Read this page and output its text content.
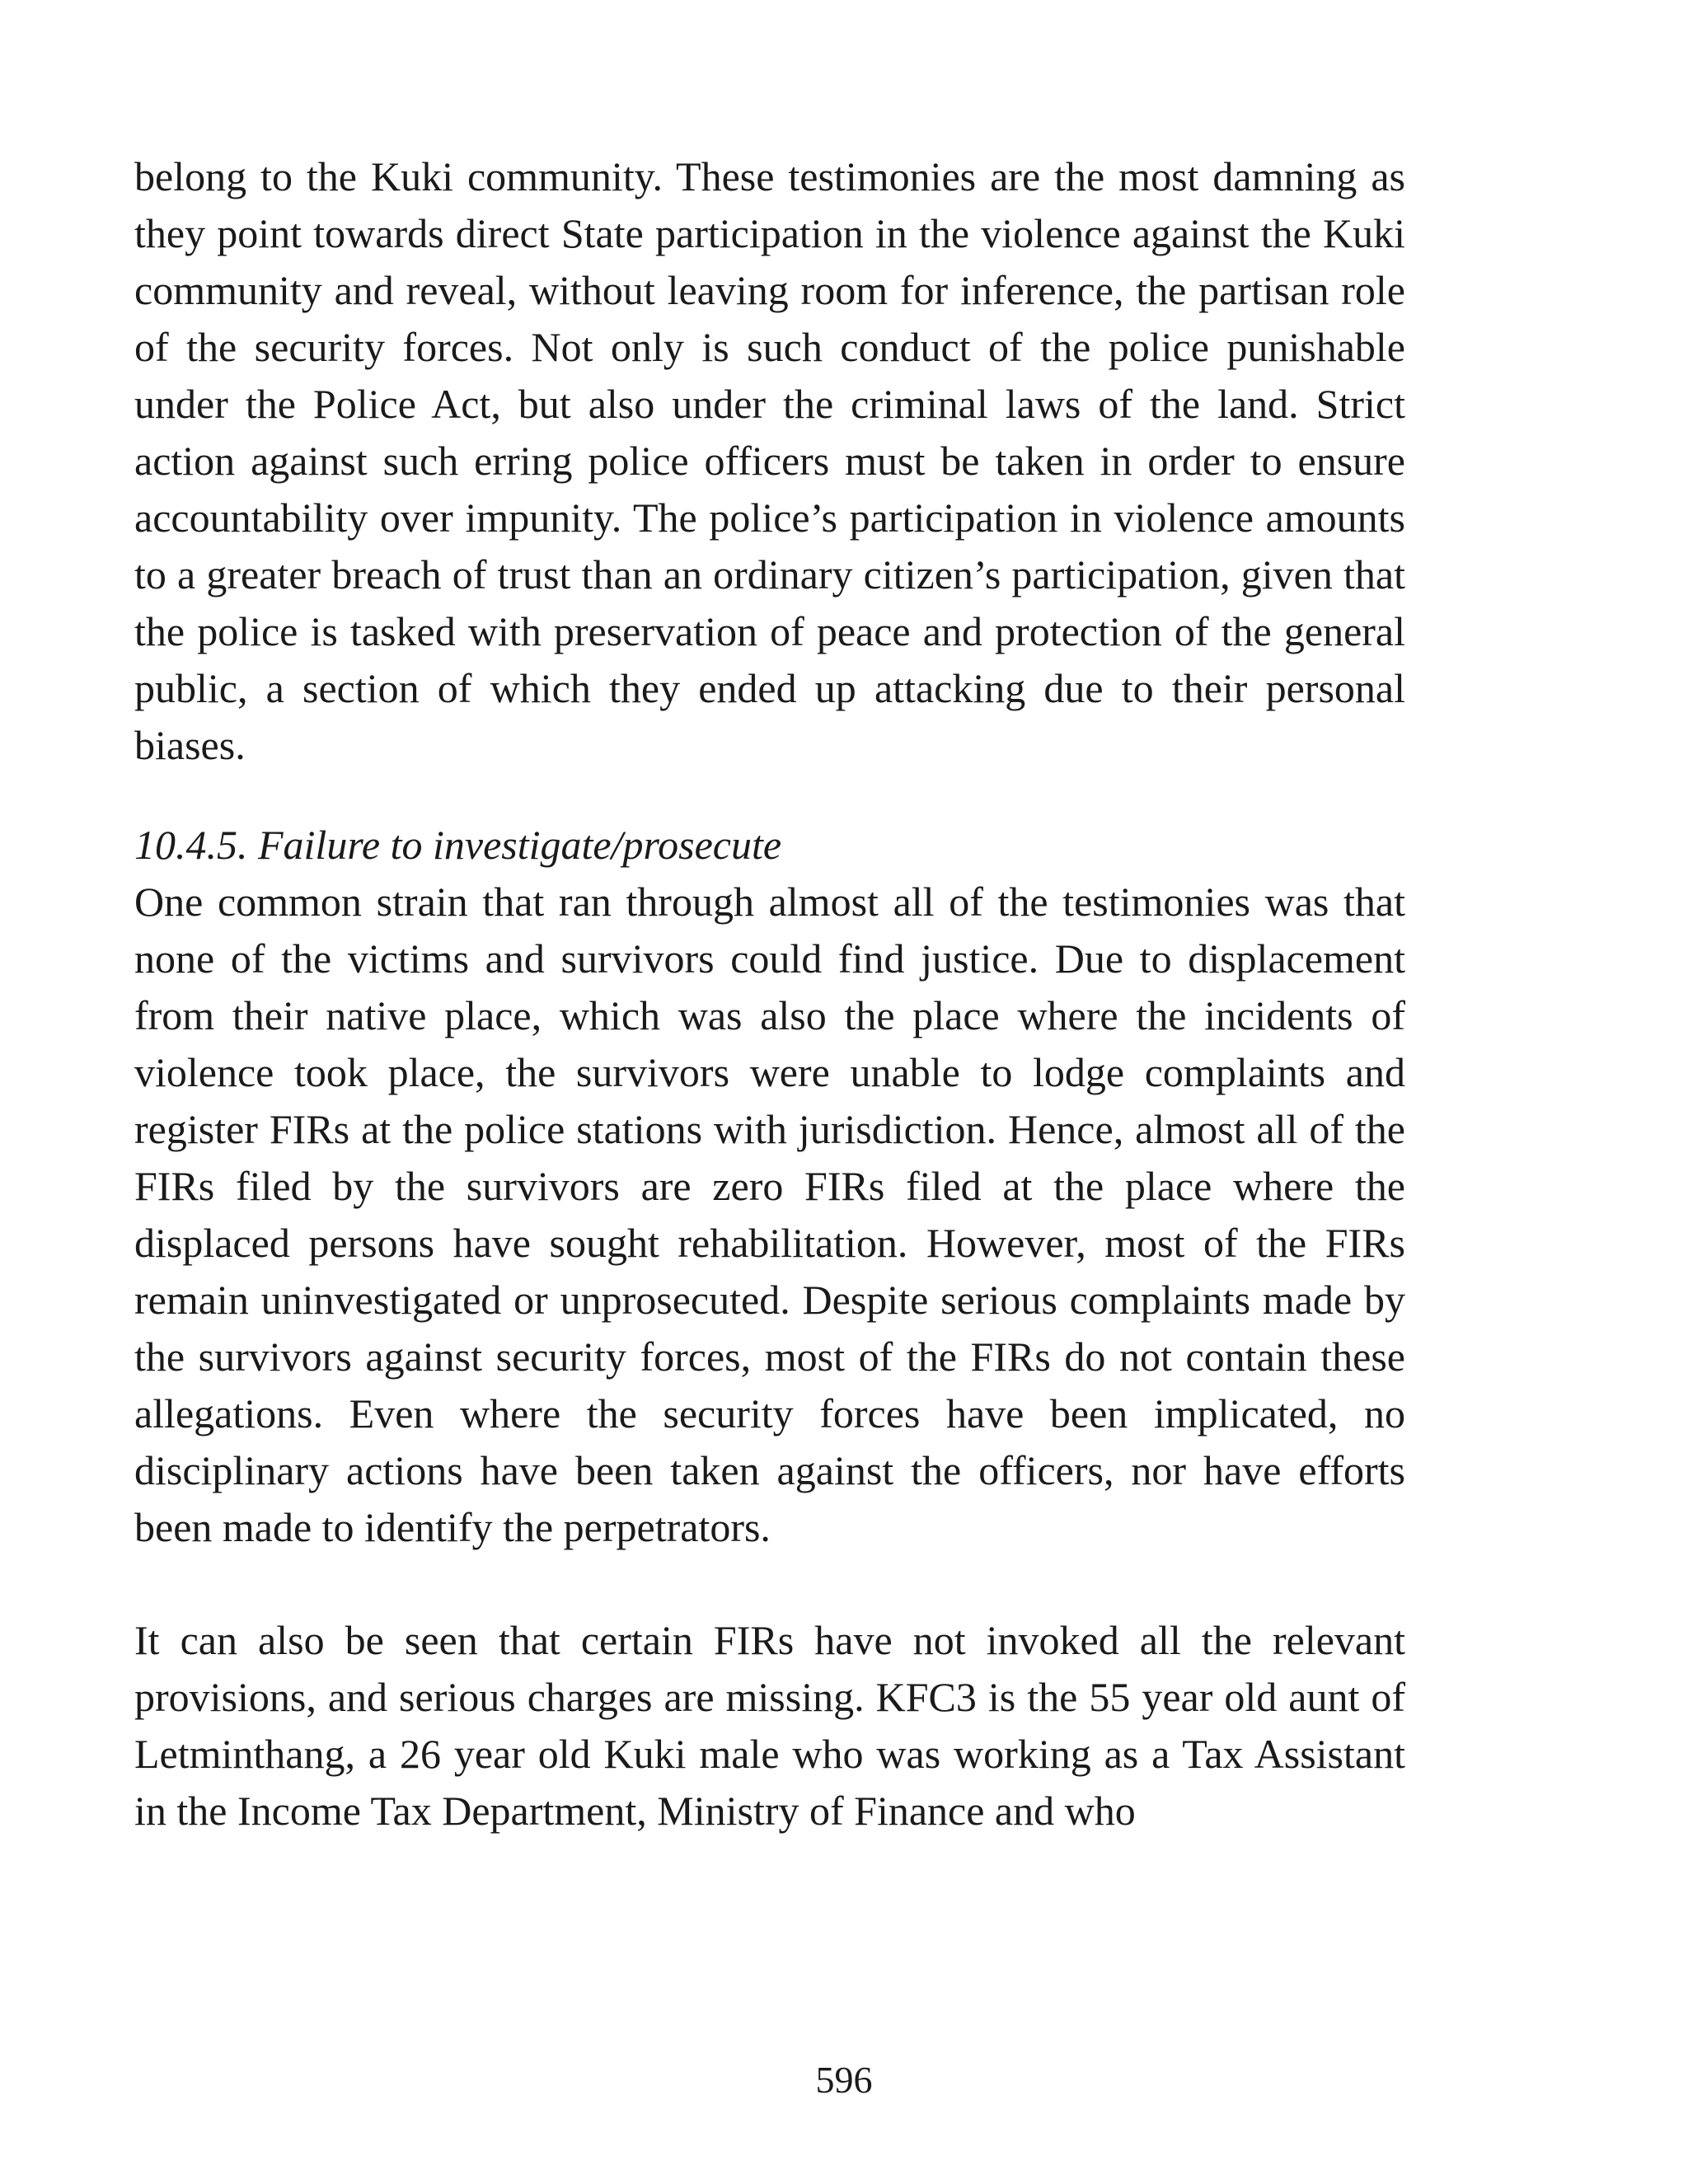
belong to the Kuki community. These testimonies are the most damning as they point towards direct State participation in the violence against the Kuki community and reveal, without leaving room for inference, the partisan role of the security forces. Not only is such conduct of the police punishable under the Police Act, but also under the criminal laws of the land. Strict action against such erring police officers must be taken in order to ensure accountability over impunity. The police’s participation in violence amounts to a greater breach of trust than an ordinary citizen’s participation, given that the police is tasked with preservation of peace and protection of the general public, a section of which they ended up attacking due to their personal biases.

10.4.5. Failure to investigate/prosecute

One common strain that ran through almost all of the testimonies was that none of the victims and survivors could find justice. Due to displacement from their native place, which was also the place where the incidents of violence took place, the survivors were unable to lodge complaints and register FIRs at the police stations with jurisdiction. Hence, almost all of the FIRs filed by the survivors are zero FIRs filed at the place where the displaced persons have sought rehabilitation. However, most of the FIRs remain uninvestigated or unprosecuted. Despite serious complaints made by the survivors against security forces, most of the FIRs do not contain these allegations. Even where the security forces have been implicated, no disciplinary actions have been taken against the officers, nor have efforts been made to identify the perpetrators.

It can also be seen that certain FIRs have not invoked all the relevant provisions, and serious charges are missing. KFC3 is the 55 year old aunt of Letminthang, a 26 year old Kuki male who was working as a Tax Assistant in the Income Tax Department, Ministry of Finance and who

596
